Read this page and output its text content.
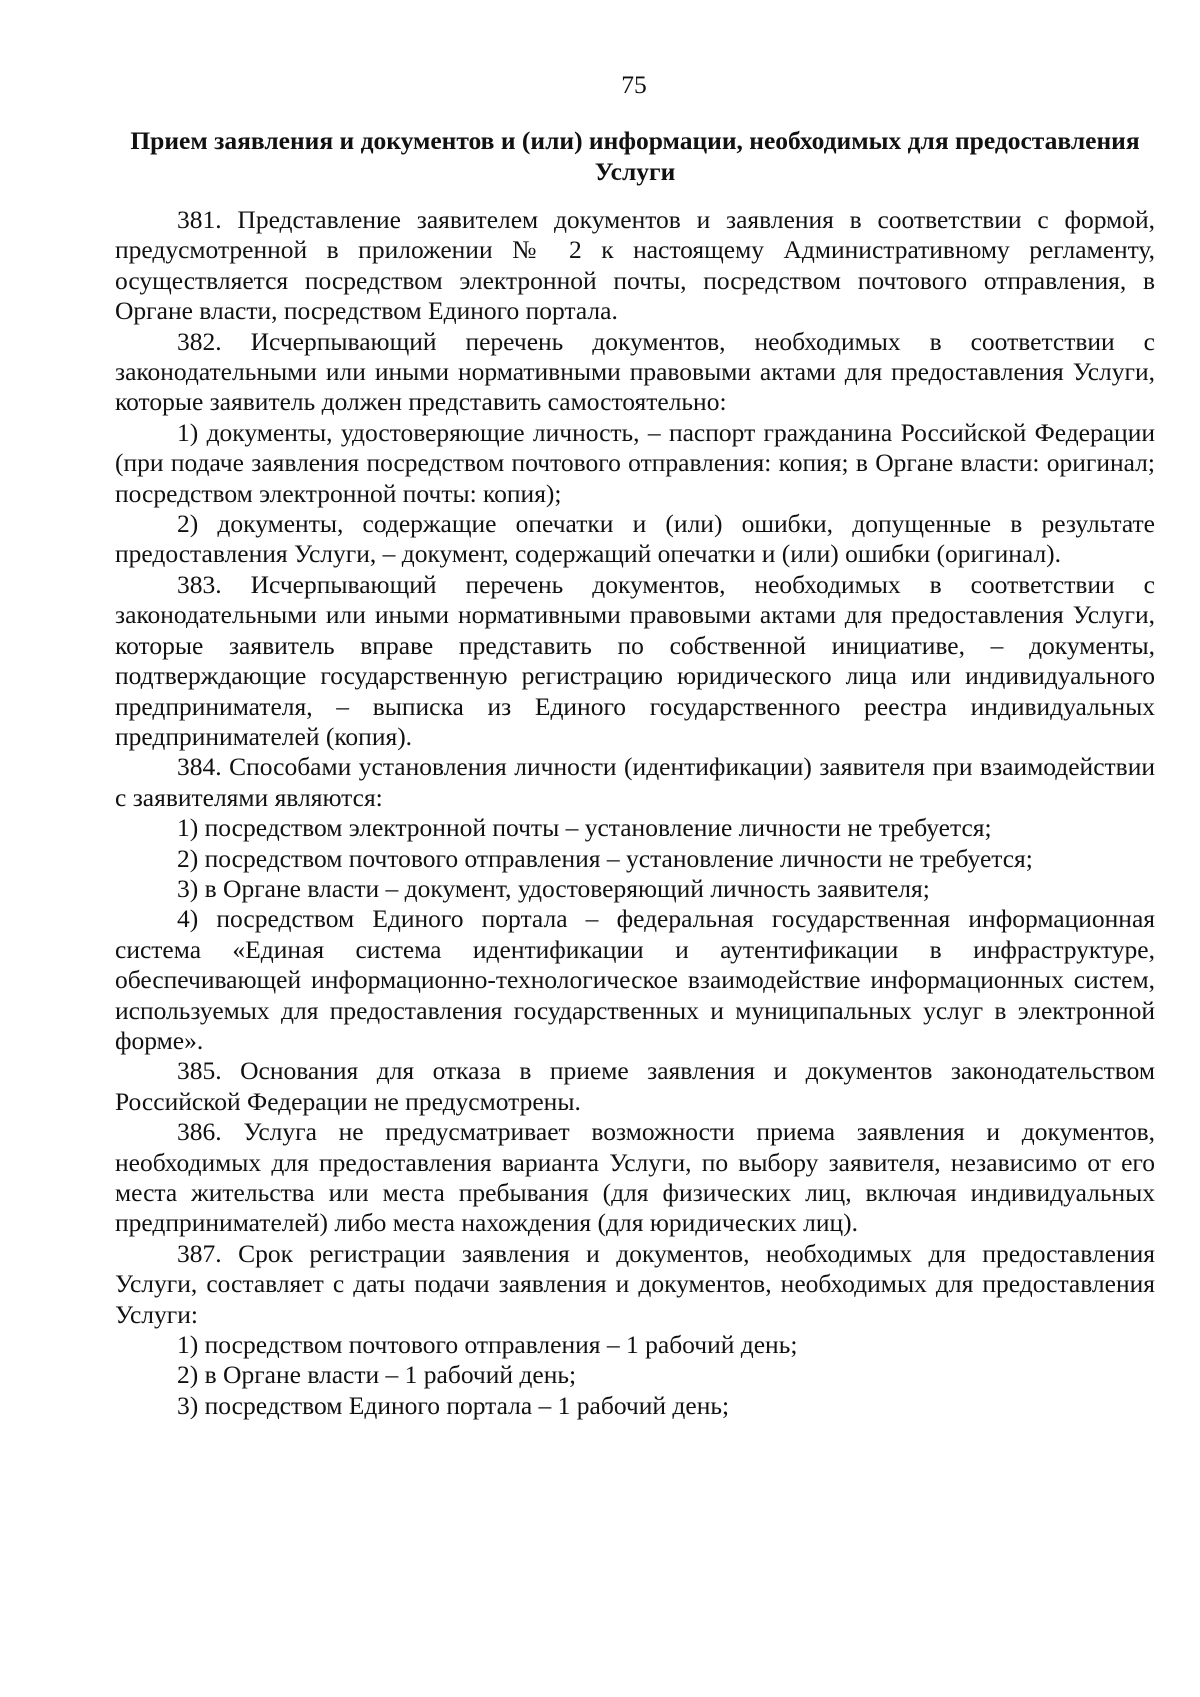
75
Прием заявления и документов и (или) информации, необходимых для предоставления Услуги

381. Представление заявителем документов и заявления в соответствии с формой, предусмотренной в приложении № 2 к настоящему Административному регламенту, осуществляется посредством электронной почты, посредством почтового отправления, в Органе власти, посредством Единого портала.

382. Исчерпывающий перечень документов, необходимых в соответствии с законодательными или иными нормативными правовыми актами для предоставления Услуги, которые заявитель должен представить самостоятельно:

1) документы, удостоверяющие личность, – паспорт гражданина Российской Федерации (при подаче заявления посредством почтового отправления: копия; в Органе власти: оригинал; посредством электронной почты: копия);

2) документы, содержащие опечатки и (или) ошибки, допущенные в результате предоставления Услуги, – документ, содержащий опечатки и (или) ошибки (оригинал).

383. Исчерпывающий перечень документов, необходимых в соответствии с законодательными или иными нормативными правовыми актами для предоставления Услуги, которые заявитель вправе представить по собственной инициативе, – документы, подтверждающие государственную регистрацию юридического лица или индивидуального предпринимателя, – выписка из Единого государственного реестра индивидуальных предпринимателей (копия).

384. Способами установления личности (идентификации) заявителя при взаимодействии с заявителями являются:

1) посредством электронной почты – установление личности не требуется;

2) посредством почтового отправления – установление личности не требуется;

3) в Органе власти – документ, удостоверяющий личность заявителя;

4) посредством Единого портала – федеральная государственная информационная система «Единая система идентификации и аутентификации в инфраструктуре, обеспечивающей информационно-технологическое взаимодействие информационных систем, используемых для предоставления государственных и муниципальных услуг в электронной форме».

385. Основания для отказа в приеме заявления и документов законодательством Российской Федерации не предусмотрены.

386. Услуга не предусматривает возможности приема заявления и документов, необходимых для предоставления варианта Услуги, по выбору заявителя, независимо от его места жительства или места пребывания (для физических лиц, включая индивидуальных предпринимателей) либо места нахождения (для юридических лиц).

387. Срок регистрации заявления и документов, необходимых для предоставления Услуги, составляет с даты подачи заявления и документов, необходимых для предоставления Услуги:

1) посредством почтового отправления – 1 рабочий день;

2) в Органе власти – 1 рабочий день;

3) посредством Единого портала – 1 рабочий день;
